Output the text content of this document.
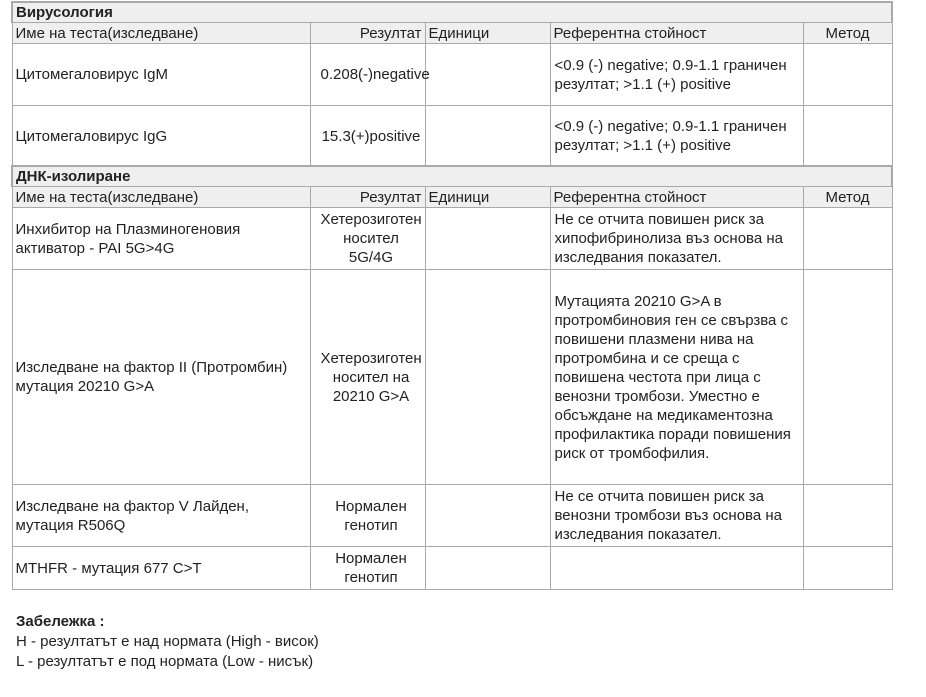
Вирусология				
Име на теста(изследване)	Резултат	Единици	Референтна стойност	Метод
Цитомегаловирус IgM	0.208(-)negative		<0.9 (-) negative; 0.9-1.1 граничен резултат; >1.1 (+) positive	
Цитомегаловирус IgG	15.3(+)positive		<0.9 (-) negative; 0.9-1.1 граничен резултат; >1.1 (+) positive	
ДНК-изолиране				
Име на теста(изследване)	Резултат	Единици	Референтна стойност	Метод
Инхибитор на Плазминогеновия активатор - PAI 5G>4G	Хетерозиготен носител 5G/4G		Не се отчита повишен риск за хипофибринолиза въз основа на изследвания показател.	
Изследване на фактор II (Протромбин) мутация 20210 G>A	Хетерозиготен носител на 20210 G>A		Мутацията 20210 G>A в протромбиновия ген се свързва с повишени плазмени нива на протромбина и се среща с повишена честота при лица с венозни тромбози. Уместно е обсъждане на медикаментозна профилактика поради повишения риск от тромбофилия.	
Изследване на фактор V Лайден, мутация R506Q	Нормален генотип		Не се отчита повишен риск за венозни тромбози въз основа на изследвания показател.	
MTHFR - мутация 677 C>T	Нормален генотип			
Забележка :
H - резултатът е над нормата (High - висок)
L - резултатът е под нормата (Low - нисък)
